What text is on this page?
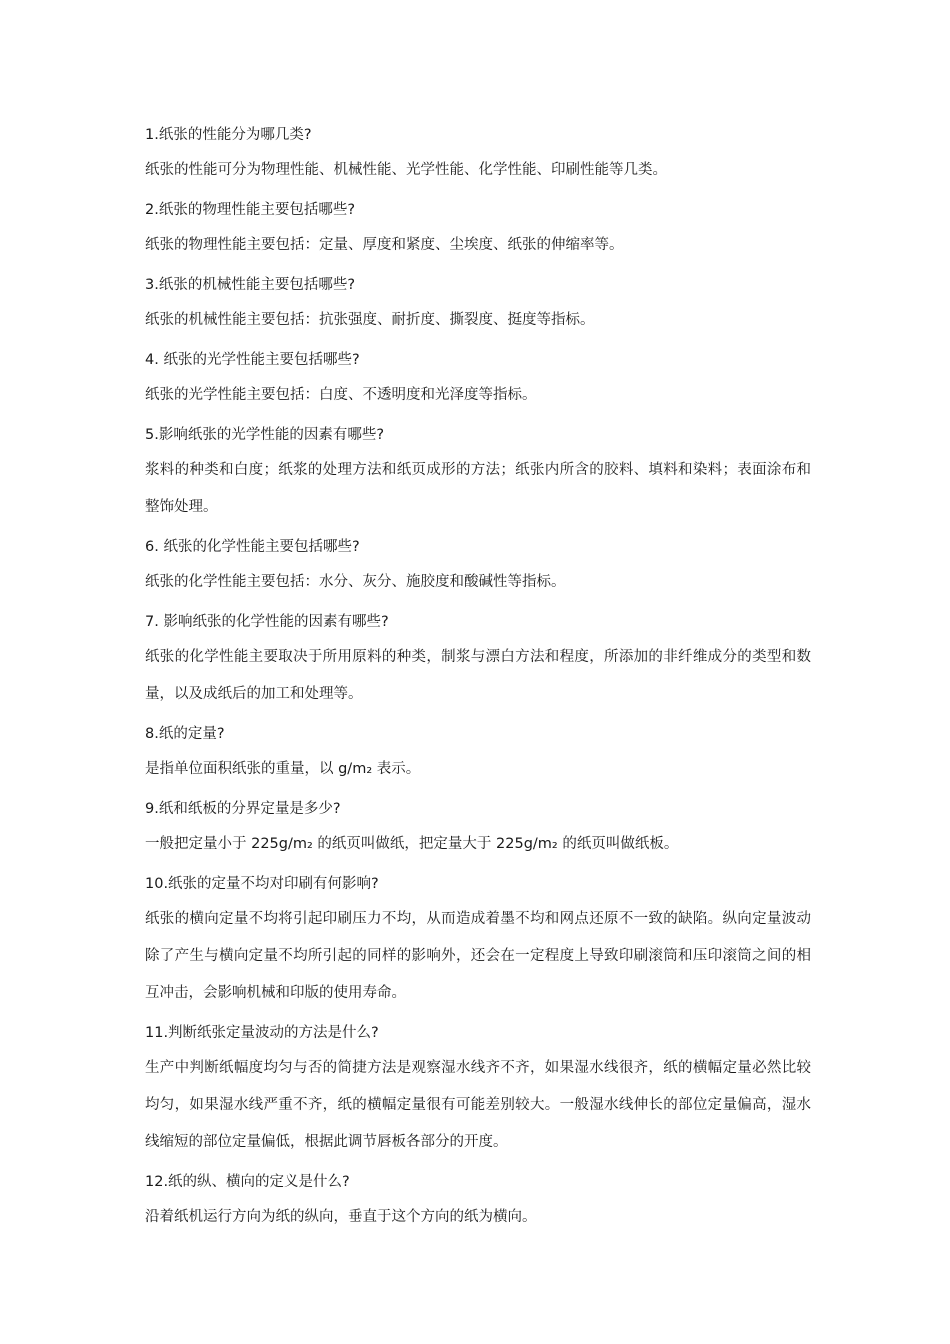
1.纸张的性能分为哪几类?

纸张的性能可分为物理性能、机械性能、光学性能、化学性能、印刷性能等几类。

2.纸张的物理性能主要包括哪些?

纸张的物理性能主要包括：定量、厚度和紧度、尘埃度、纸张的伸缩率等。

3.纸张的机械性能主要包括哪些?

纸张的机械性能主要包括：抗张强度、耐折度、撕裂度、挺度等指标。

4. 纸张的光学性能主要包括哪些?

纸张的光学性能主要包括：白度、不透明度和光泽度等指标。

5.影响纸张的光学性能的因素有哪些?

浆料的种类和白度；纸浆的处理方法和纸页成形的方法；纸张内所含的胶料、填料和染料；表面涂布和整饰处理。

6. 纸张的化学性能主要包括哪些?

纸张的化学性能主要包括：水分、灰分、施胶度和酸碱性等指标。

7. 影响纸张的化学性能的因素有哪些?

纸张的化学性能主要取决于所用原料的种类，制浆与漂白方法和程度，所添加的非纤维成分的类型和数量，以及成纸后的加工和处理等。

8.纸的定量?

是指单位面积纸张的重量，以 g/m₂ 表示。

9.纸和纸板的分界定量是多少?

一般把定量小于 225g/m₂ 的纸页叫做纸，把定量大于 225g/m₂ 的纸页叫做纸板。

10.纸张的定量不均对印刷有何影响?

纸张的横向定量不均将引起印刷压力不均，从而造成着墨不均和网点还原不一致的缺陷。纵向定量波动除了产生与横向定量不均所引起的同样的影响外，还会在一定程度上导致印刷滚筒和压印滚筒之间的相互冲击，会影响机械和印版的使用寿命。

11.判断纸张定量波动的方法是什么?

生产中判断纸幅度均匀与否的简捷方法是观察湿水线齐不齐，如果湿水线很齐，纸的横幅定量必然比较均匀，如果湿水线严重不齐，纸的横幅定量很有可能差别较大。一般湿水线伸长的部位定量偏高，湿水线缩短的部位定量偏低，根据此调节唇板各部分的开度。

12.纸的纵、横向的定义是什么?

沿着纸机运行方向为纸的纵向，垂直于这个方向的纸为横向。
